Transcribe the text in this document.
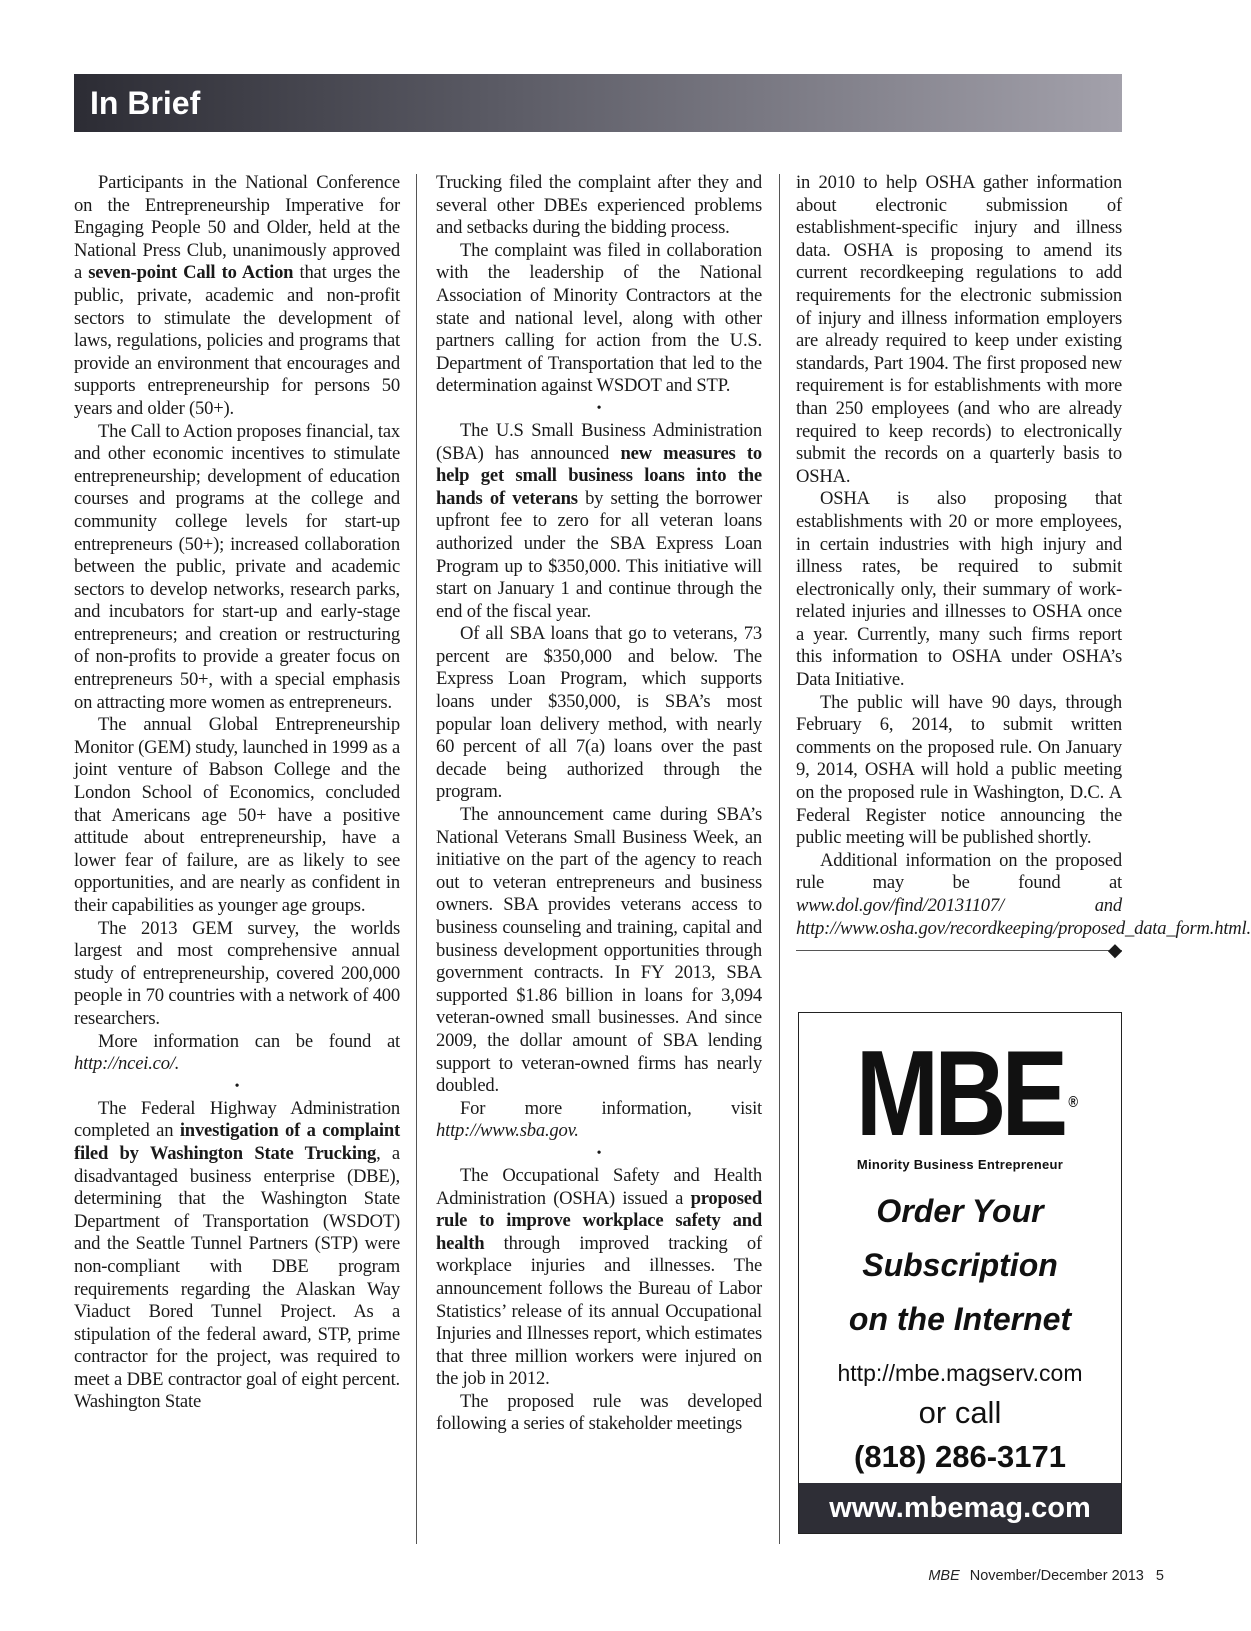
In Brief

Participants in the National Conference on the Entrepreneurship Imperative for Engaging People 50 and Older, held at the National Press Club, unanimously approved a seven-point Call to Action that urges the public, private, academic and non-profit sectors to stimulate the development of laws, regulations, policies and programs that provide an environment that encourages and supports entrepreneurship for persons 50 years and older (50+).

The Call to Action proposes financial, tax and other economic incentives to stimulate entrepreneurship; development of education courses and programs at the college and community college levels for start-up entrepreneurs (50+); increased collaboration between the public, private and academic sectors to develop networks, research parks, and incubators for start-up and early-stage entrepreneurs; and creation or restructuring of non-profits to provide a greater focus on entrepreneurs 50+, with a special emphasis on attracting more women as entrepreneurs.

The annual Global Entrepreneurship Monitor (GEM) study, launched in 1999 as a joint venture of Babson College and the London School of Economics, concluded that Americans age 50+ have a positive attitude about entrepreneurship, have a lower fear of failure, are as likely to see opportunities, and are nearly as confident in their capabilities as younger age groups.

The 2013 GEM survey, the worlds largest and most comprehensive annual study of entrepreneurship, covered 200,000 people in 70 countries with a network of 400 researchers.

More information can be found at http://ncei.co/.

•

The Federal Highway Administration completed an investigation of a complaint filed by Washington State Trucking, a disadvantaged business enterprise (DBE), determining that the Washington State Department of Transportation (WSDOT) and the Seattle Tunnel Partners (STP) were non-compliant with DBE program requirements regarding the Alaskan Way Viaduct Bored Tunnel Project. As a stipulation of the federal award, STP, prime contractor for the project, was required to meet a DBE contractor goal of eight percent. Washington State

Trucking filed the complaint after they and several other DBEs experienced problems and setbacks during the bidding process.

The complaint was filed in collaboration with the leadership of the National Association of Minority Contractors at the state and national level, along with other partners calling for action from the U.S. Department of Transportation that led to the determination against WSDOT and STP.

•

The U.S Small Business Administration (SBA) has announced new measures to help get small business loans into the hands of veterans by setting the borrower upfront fee to zero for all veteran loans authorized under the SBA Express Loan Program up to $350,000. This initiative will start on January 1 and continue through the end of the fiscal year.

Of all SBA loans that go to veterans, 73 percent are $350,000 and below. The Express Loan Program, which supports loans under $350,000, is SBA’s most popular loan delivery method, with nearly 60 percent of all 7(a) loans over the past decade being authorized through the program.

The announcement came during SBA’s National Veterans Small Business Week, an initiative on the part of the agency to reach out to veteran entrepreneurs and business owners. SBA provides veterans access to business counseling and training, capital and business development opportunities through government contracts. In FY 2013, SBA supported $1.86 billion in loans for 3,094 veteran-owned small businesses. And since 2009, the dollar amount of SBA lending support to veteran-owned firms has nearly doubled.

For more information, visit http://www.sba.gov.

•

The Occupational Safety and Health Administration (OSHA) issued a proposed rule to improve workplace safety and health through improved tracking of workplace injuries and illnesses. The announcement follows the Bureau of Labor Statistics’ release of its annual Occupational Injuries and Illnesses report, which estimates that three million workers were injured on the job in 2012.

The proposed rule was developed following a series of stakeholder meetings

in 2010 to help OSHA gather information about electronic submission of establishment-specific injury and illness data. OSHA is proposing to amend its current recordkeeping regulations to add requirements for the electronic submission of injury and illness information employers are already required to keep under existing standards, Part 1904. The first proposed new requirement is for establishments with more than 250 employees (and who are already required to keep records) to electronically submit the records on a quarterly basis to OSHA.

OSHA is also proposing that establishments with 20 or more employees, in certain industries with high injury and illness rates, be required to submit electronically only, their summary of work-related injuries and illnesses to OSHA once a year. Currently, many such firms report this information to OSHA under OSHA’s Data Initiative.

The public will have 90 days, through February 6, 2014, to submit written comments on the proposed rule. On January 9, 2014, OSHA will hold a public meeting on the proposed rule in Washington, D.C. A Federal Register notice announcing the public meeting will be published shortly.

Additional information on the proposed rule may be found at www.dol.gov/find/20131107/ and http://www.osha.gov/recordkeeping/proposed_data_form.html.
◆

MBE ®
Minority Business Entrepreneur
Order Your
Subscription
on the Internet
http://mbe.magserv.com
or call
(818) 286-3171
www.mbemag.com
MBE November/December 2013 5
